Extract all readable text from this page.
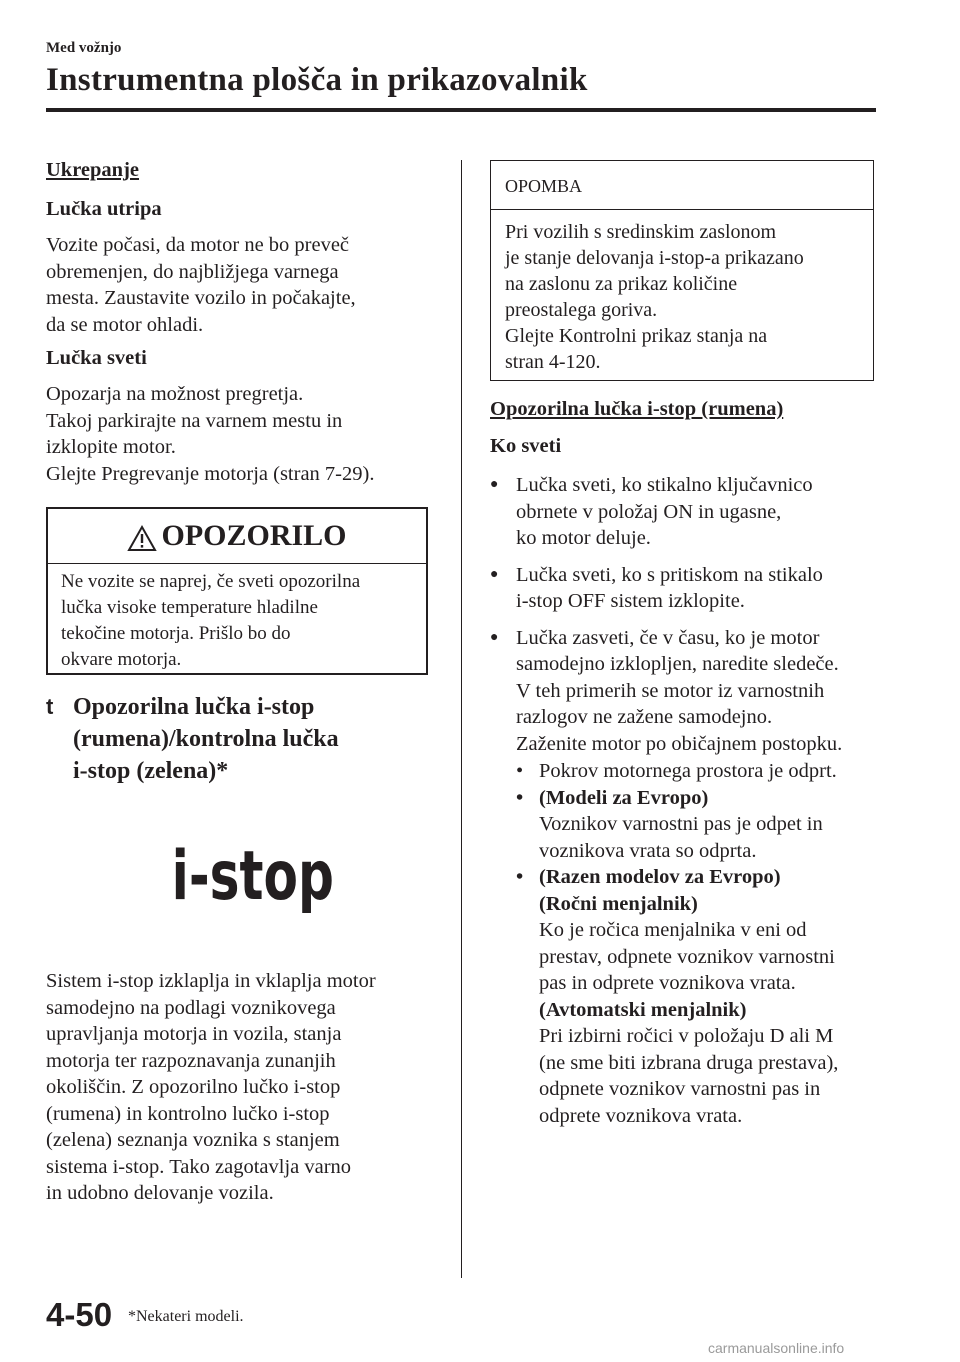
Med vožnjo
Instrumentna plošča in prikazovalnik

Ukrepanje

Lučka utripa

Vozite počasi, da motor ne bo preveč
obremenjen, do najbližjega varnega
mesta. Zaustavite vozilo in počakajte,
da se motor ohladi.

Lučka sveti

Opozarja na možnost pregretja.
Takoj parkirajte na varnem mestu in
izklopite motor.
Glejte Pregrevanje motorja (stran 7-29).

OPOZORILO
Ne vozite se naprej, če sveti opozorilna
lučka visoke temperature hladilne
tekočine motorja. Prišlo bo do
okvare motorja.
t Opozorilna lučka i-stop
(rumena)/kontrolna lučka
i-stop (zelena)*
i-stop

Sistem i-stop izklaplja in vklaplja motor
samodejno na podlagi voznikovega
upravljanja motorja in vozila, stanja
motorja ter razpoznavanja zunanjih
okoliščin. Z opozorilno lučko i-stop
(rumena) in kontrolno lučko i-stop
(zelena) seznanja voznika s stanjem
sistema i-stop. Tako zagotavlja varno
in udobno delovanje vozila.

OPOMBA
Pri vozilih s sredinskim zaslonom
je stanje delovanja i-stop-a prikazano
na zaslonu za prikaz količine
preostalega goriva.
Glejte Kontrolni prikaz stanja na
stran 4-120.

Opozorilna lučka i-stop (rumena)

Ko sveti

● Lučka sveti, ko stikalno ključavnico
obrnete v položaj ON in ugasne,
ko motor deluje.
● Lučka sveti, ko s pritiskom na stikalo
i-stop OFF sistem izklopite.
● Lučka zasveti, če v času, ko je motor
samodejno izklopljen, naredite sledeče.
V teh primerih se motor iz varnostnih
razlogov ne zažene samodejno.
Zaženite motor po običajnem postopku.
• Pokrov motornega prostora je odprt.
• (Modeli za Evropo)
Voznikov varnostni pas je odpet in
voznikova vrata so odprta.
• (Razen modelov za Evropo)
(Ročni menjalnik)
Ko je ročica menjalnika v eni od
prestav, odpnete voznikov varnostni
pas in odprete voznikova vrata.
(Avtomatski menjalnik)
Pri izbirni ročici v položaju D ali M
(ne sme biti izbrana druga prestava),
odpnete voznikov varnostni pas in
odprete voznikova vrata.
4-50 *Nekateri modeli.
carmanualsonline.info
